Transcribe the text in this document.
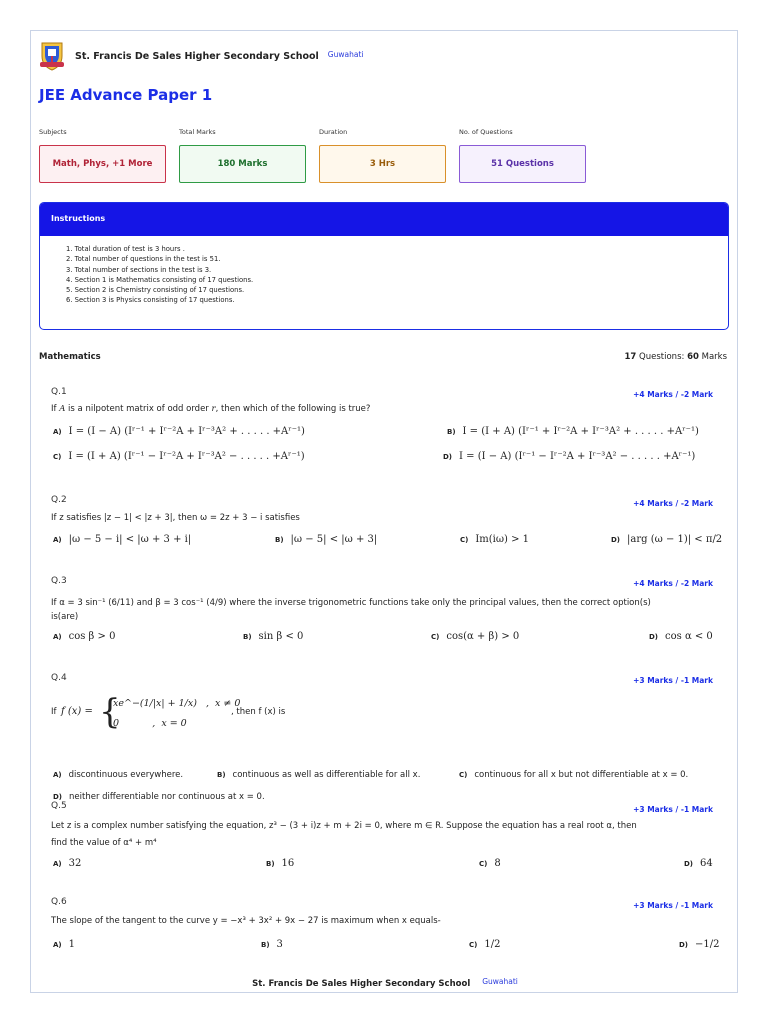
St. Francis De Sales Higher Secondary School Guwahati
JEE Advance Paper 1
Subjects	Total Marks	Duration	No. of Questions
Math, Phys, +1 More	180 Marks	3 Hrs	51 Questions
Instructions
1. Total duration of test is 3 hours .
2. Total number of questions in the test is 51.
3. Total number of sections in the test is 3.
4. Section 1 is Mathematics consisting of 17 questions.
5. Section 2 is Chemistry consisting of 17 questions.
6. Section 3 is Physics consisting of 17 questions.
Mathematics	17 Questions: 60 Marks
Q.1	+4 Marks / -2 Mark
If A is a nilpotent matrix of odd order r, then which of the following is true?
A) I = (I − A) (Iʳ⁻¹ + Iʳ⁻²A + Iʳ⁻³A² + . . . . . +Aʳ⁻¹)	B) I = (I + A) (Iʳ⁻¹ + Iʳ⁻²A + Iʳ⁻³A² + . . . . . +Aʳ⁻¹)
C) I = (I + A) (Iʳ⁻¹ − Iʳ⁻²A + Iʳ⁻³A² − . . . . . +Aʳ⁻¹)	D) I = (I − A) (Iʳ⁻¹ − Iʳ⁻²A + Iʳ⁻³A² − . . . . . +Aʳ⁻¹)
Q.2	+4 Marks / -2 Mark
If z satisfies |z − 1| < |z + 3|, then ω = 2z + 3 − i satisfies
A) |ω − 5 − i| < |ω + 3 + i|	B) |ω − 5| < |ω + 3|	C) Im(iω) > 1	D) |arg (ω − 1)| < π/2
Q.3	+4 Marks / -2 Mark
If α = 3 sin⁻¹ (6/11) and β = 3 cos⁻¹ (4/9) where the inverse trigonometric functions take only the principal values, then the correct option(s)
is(are)
A) cos β > 0	B) sin β < 0	C) cos(α + β) > 0	D) cos α < 0
Q.4	+3 Marks / -1 Mark
If f (x) = {
xe^−(1/|x| + 1/x)   ,  x ≠ 0
0           ,  x = 0
, then f (x) is
A) discontinuous everywhere.	B) continuous as well as differentiable for all x.	C) continuous for all x but not differentiable at x = 0.
D) neither differentiable nor continuous at x = 0.
Q.5	+3 Marks / -1 Mark
Let z is a complex number satisfying the equation, z³ − (3 + i)z + m + 2i = 0, where m ∈ R. Suppose the equation has a real root α, then
find the value of α⁴ + m⁴
A) 32	B) 16	C) 8	D) 64
Q.6	+3 Marks / -1 Mark
The slope of the tangent to the curve y = −x³ + 3x² + 9x − 27 is maximum when x equals-
A) 1	B) 3	C) 1/2	D) −1/2
St. Francis De Sales Higher Secondary School Guwahati
